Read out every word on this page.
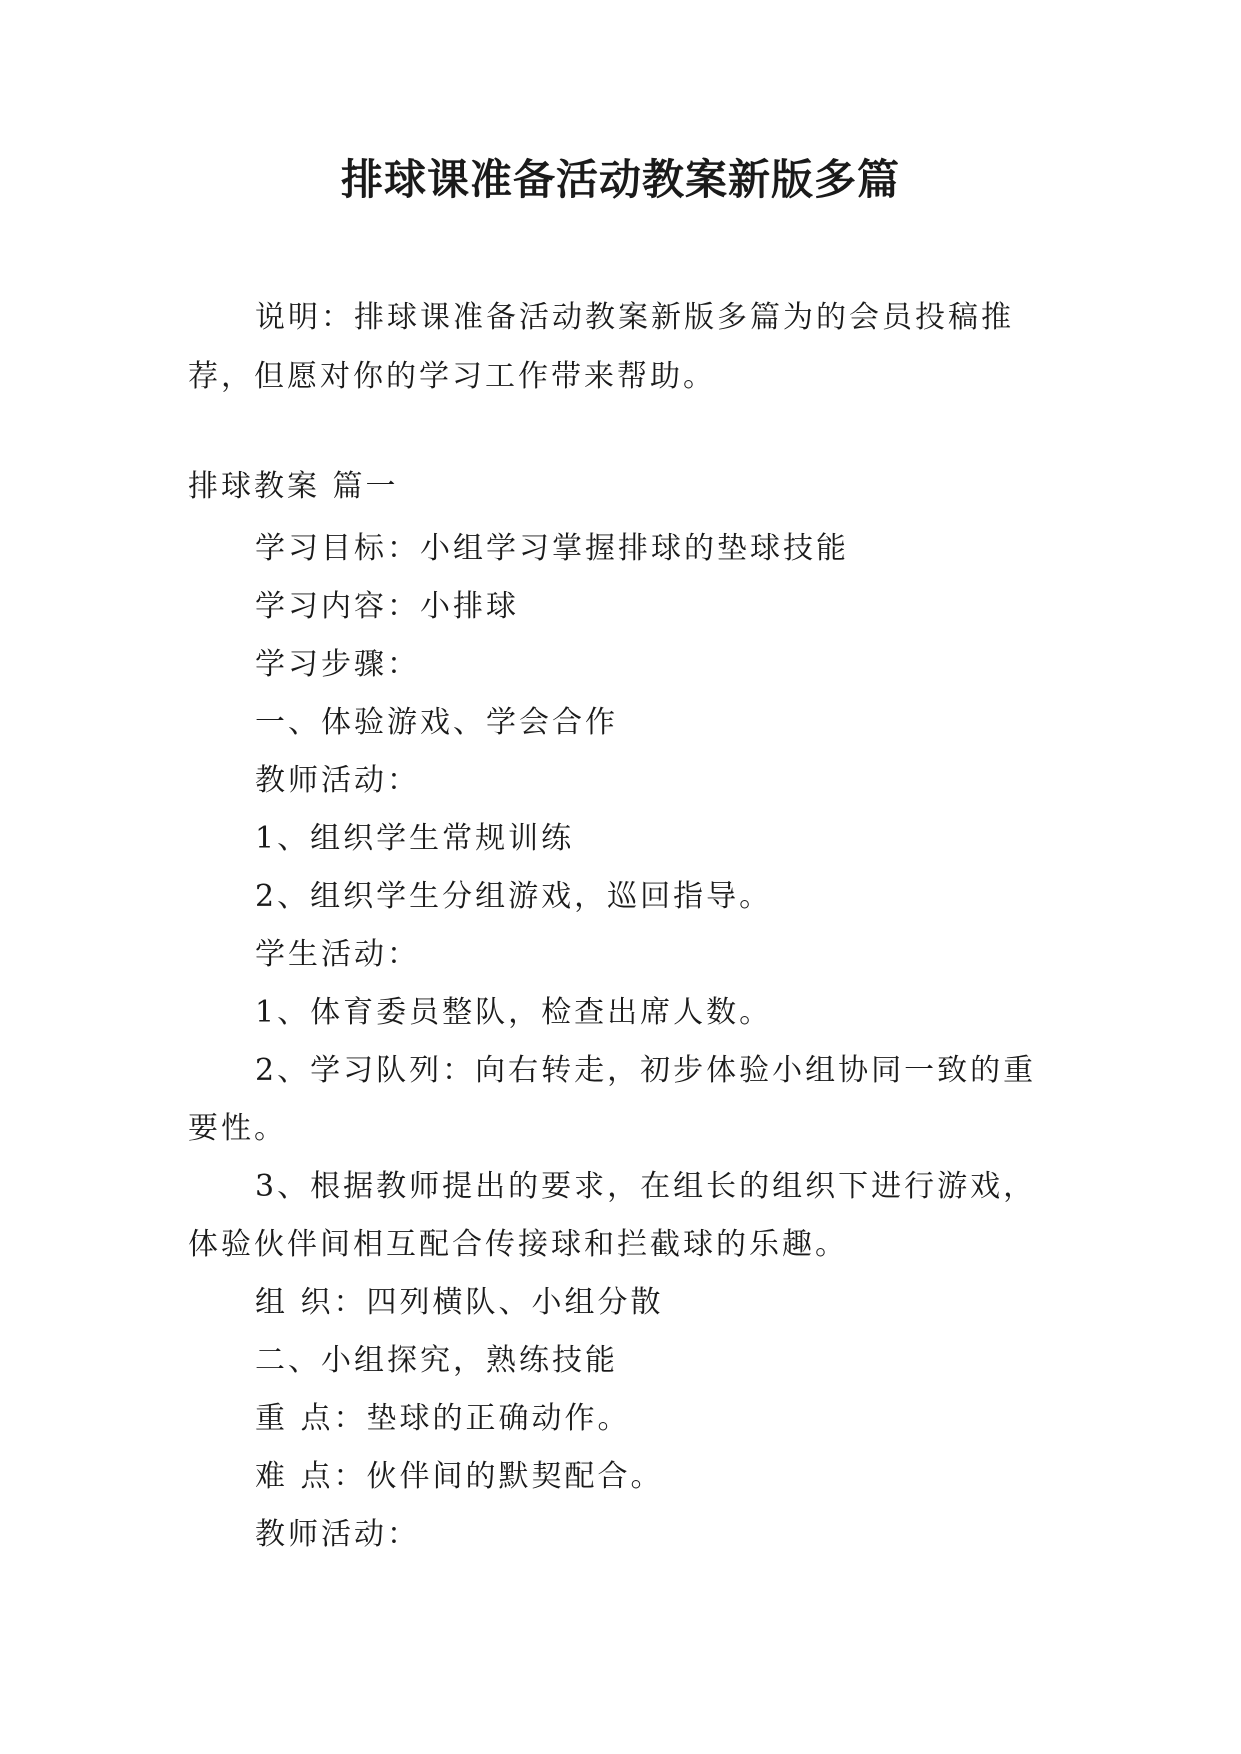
排球课准备活动教案新版多篇

说明：排球课准备活动教案新版多篇为的会员投稿推荐，但愿对你的学习工作带来帮助。

排球教案 篇一

学习目标：小组学习掌握排球的垫球技能

学习内容：小排球

学习步骤：

一、体验游戏、学会合作

教师活动：

1、组织学生常规训练

2、组织学生分组游戏，巡回指导。

学生活动：

1、体育委员整队，检查出席人数。

2、学习队列：向右转走，初步体验小组协同一致的重要性。

3、根据教师提出的要求，在组长的组织下进行游戏，体验伙伴间相互配合传接球和拦截球的乐趣。

组 织：四列横队、小组分散

二、小组探究，熟练技能

重 点：垫球的正确动作。

难 点：伙伴间的默契配合。

教师活动：
